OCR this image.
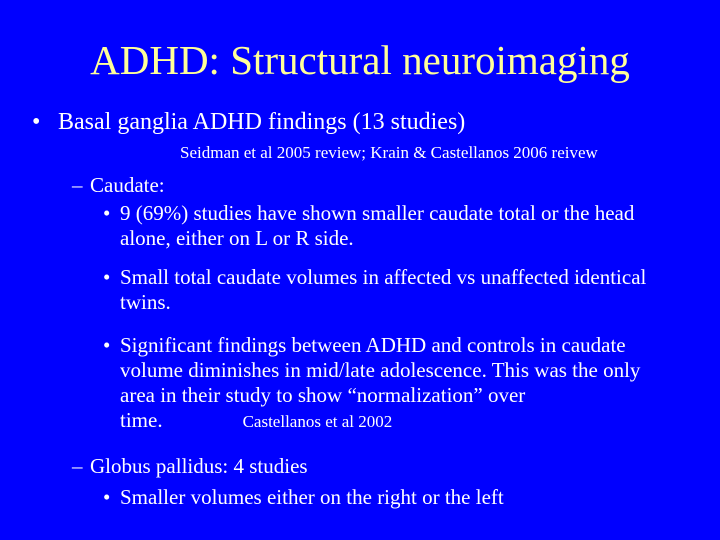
ADHD: Structural neuroimaging
• Basal ganglia ADHD findings (13 studies)
Seidman et al 2005 review; Krain & Castellanos 2006 reivew
– Caudate:
• 9 (69%) studies have shown smaller caudate total or the head alone, either on L or R side.
• Small total caudate volumes in affected vs unaffected identical twins.
• Significant findings between ADHD and controls in caudate volume diminishes in mid/late adolescence. This was the only area in their study to show “normalization” over time.	Castellanos et al 2002
– Globus pallidus: 4 studies
• Smaller volumes either on the right or the left
